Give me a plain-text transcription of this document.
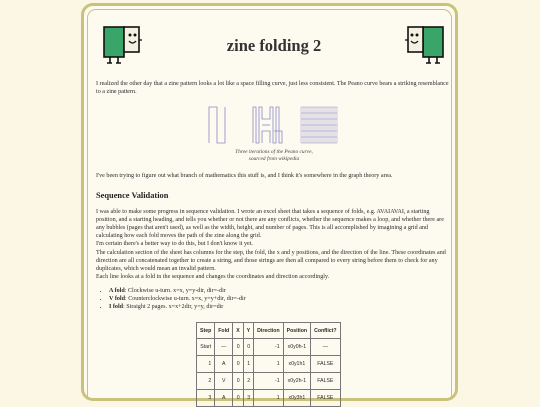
zine folding 2

I realized the other day that a zine pattern looks a lot like a space filling curve, just less consistent. The Peano curve bears a striking resemblance to a zine pattern.

Three iterations of the Peano curve,
sourced from wikipedia

I've been trying to figure out what branch of mathematics this stuff is, and I think it's somewhere in the graph theory area.

Sequence Validation

I was able to make some progress in sequence validation. I wrote an excel sheet that takes a sequence of folds, e.g. AVAIAVAI, a starting position, and a starting heading, and tells you whether or not there are any conflicts, whether the sequence makes a loop, and whether there are any bubbles (pages that aren't used), as well as the width, height, and number of pages. This is all accomplished by imagining a grid and calculating how each fold moves the path of the zine along the grid.

I'm certain there's a better way to do this, but I don't know it yet.

The calculation section of the sheet has columns for the step, the fold, the x and y positions, and the direction of the line. These coordinates and direction are all concatenated together to create a string, and those strings are then all compared to every string before them to check for any duplicates, which would mean an invalid pattern.

Each line looks at a fold in the sequence and changes the coordinates and direction accordingly.

• A fold: Clockwise u-turn. x=x, y=y-dir, dir=-dir
• V fold: Counterclockwise u-turn. x=x, y=y+dir, dir=-dir
• I fold: Straight 2 pages. x=x+2dir, y=y, dir=dir
Step	Fold	X	Y	Direction	Position	Conflict?
Start	—	0	0	-1	x0y0h-1	—
1	A	0	1	1	x0y1h1	FALSE
2	V	0	2	-1	x0y2h-1	FALSE
3	A	0	3	1	x0y3h1	FALSE
